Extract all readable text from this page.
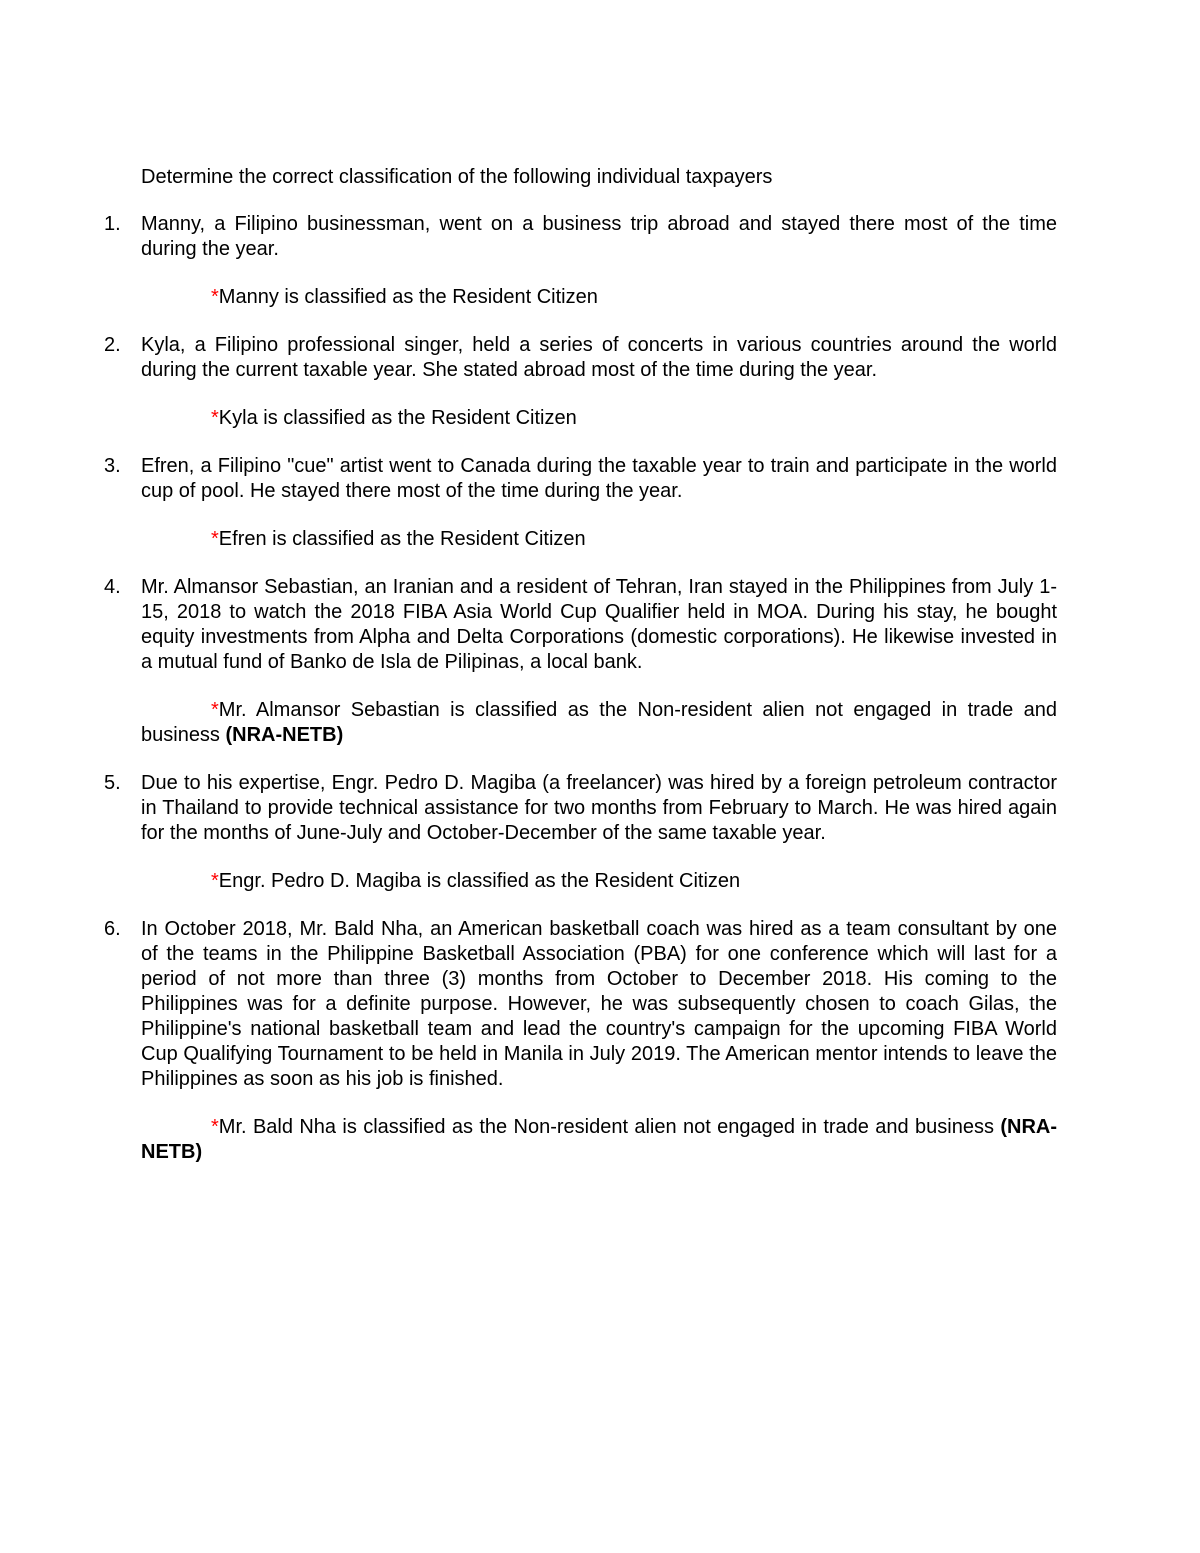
Determine the correct classification of the following individual taxpayers

1.	Manny, a Filipino businessman, went on a business trip abroad and stayed there most of the time during the year.

*Manny is classified as the Resident Citizen

2.	Kyla, a Filipino professional singer, held a series of concerts in various countries around the world during the current taxable year. She stated abroad most of the time during the year.

*Kyla is classified as the Resident Citizen

3.	Efren, a Filipino "cue" artist went to Canada during the taxable year to train and participate in the world cup of pool. He stayed there most of the time during the year.

*Efren is classified as the Resident Citizen

4.	Mr. Almansor Sebastian, an Iranian and a resident of Tehran, Iran stayed in the Philippines from July 1-15, 2018 to watch the 2018 FIBA Asia World Cup Qualifier held in MOA. During his stay, he bought equity investments from Alpha and Delta Corporations (domestic corporations). He likewise invested in a mutual fund of Banko de Isla de Pilipinas, a local bank.

*Mr. Almansor Sebastian is classified as the Non-resident alien not engaged in trade and business (NRA-NETB)

5.	Due to his expertise, Engr. Pedro D. Magiba (a freelancer) was hired by a foreign petroleum contractor in Thailand to provide technical assistance for two months from February to March. He was hired again for the months of June-July and October-December of the same taxable year.

*Engr. Pedro D. Magiba is classified as the Resident Citizen

6.	In October 2018, Mr. Bald Nha, an American basketball coach was hired as a team consultant by one of the teams in the Philippine Basketball Association (PBA) for one conference which will last for a period of not more than three (3) months from October to December 2018. His coming to the Philippines was for a definite purpose. However, he was subsequently chosen to coach Gilas, the Philippine's national basketball team and lead the country's campaign for the upcoming FIBA World Cup Qualifying Tournament to be held in Manila in July 2019. The American mentor intends to leave the Philippines as soon as his job is finished.

*Mr. Bald Nha is classified as the Non-resident alien not engaged in trade and business (NRA-NETB)
